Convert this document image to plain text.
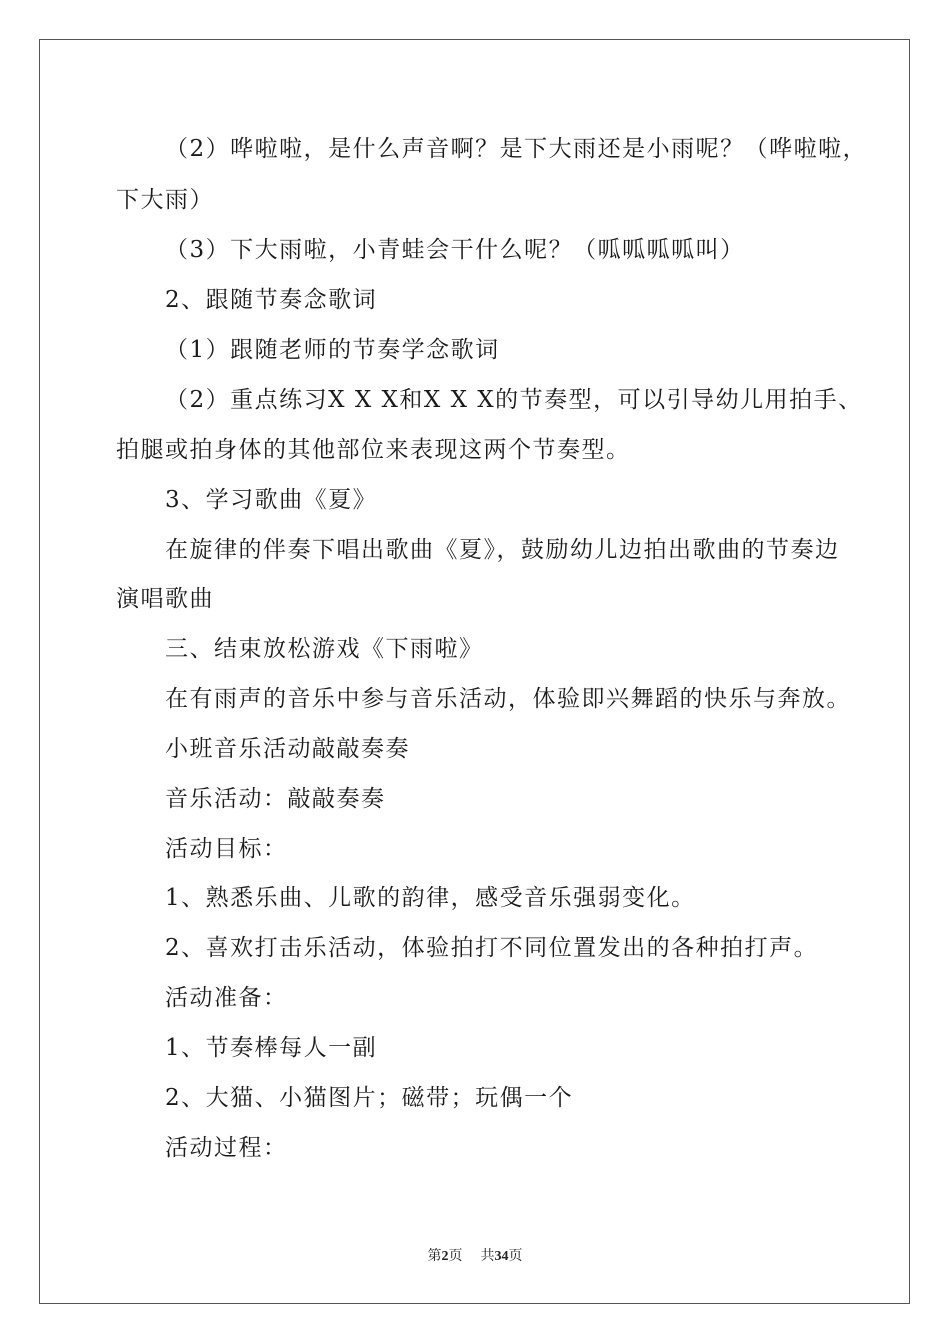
（2）哗啦啦，是什么声音啊？是下大雨还是小雨呢？（哗啦啦，
下大雨）
（3）下大雨啦，小青蛙会干什么呢？（呱呱呱呱叫）
2、跟随节奏念歌词
（1）跟随老师的节奏学念歌词
（2）重点练习X X X和X X X的节奏型，可以引导幼儿用拍手、
拍腿或拍身体的其他部位来表现这两个节奏型。
3、学习歌曲《夏》
在旋律的伴奏下唱出歌曲《夏》，鼓励幼儿边拍出歌曲的节奏边
演唱歌曲
三、结束放松游戏《下雨啦》
在有雨声的音乐中参与音乐活动，体验即兴舞蹈的快乐与奔放。
小班音乐活动敲敲奏奏
音乐活动：敲敲奏奏
活动目标：
1、熟悉乐曲、儿歌的韵律，感受音乐强弱变化。
2、喜欢打击乐活动，体验拍打不同位置发出的各种拍打声。
活动准备：
1、节奏棒每人一副
2、大猫、小猫图片；磁带；玩偶一个
活动过程：
第2页 共34页
